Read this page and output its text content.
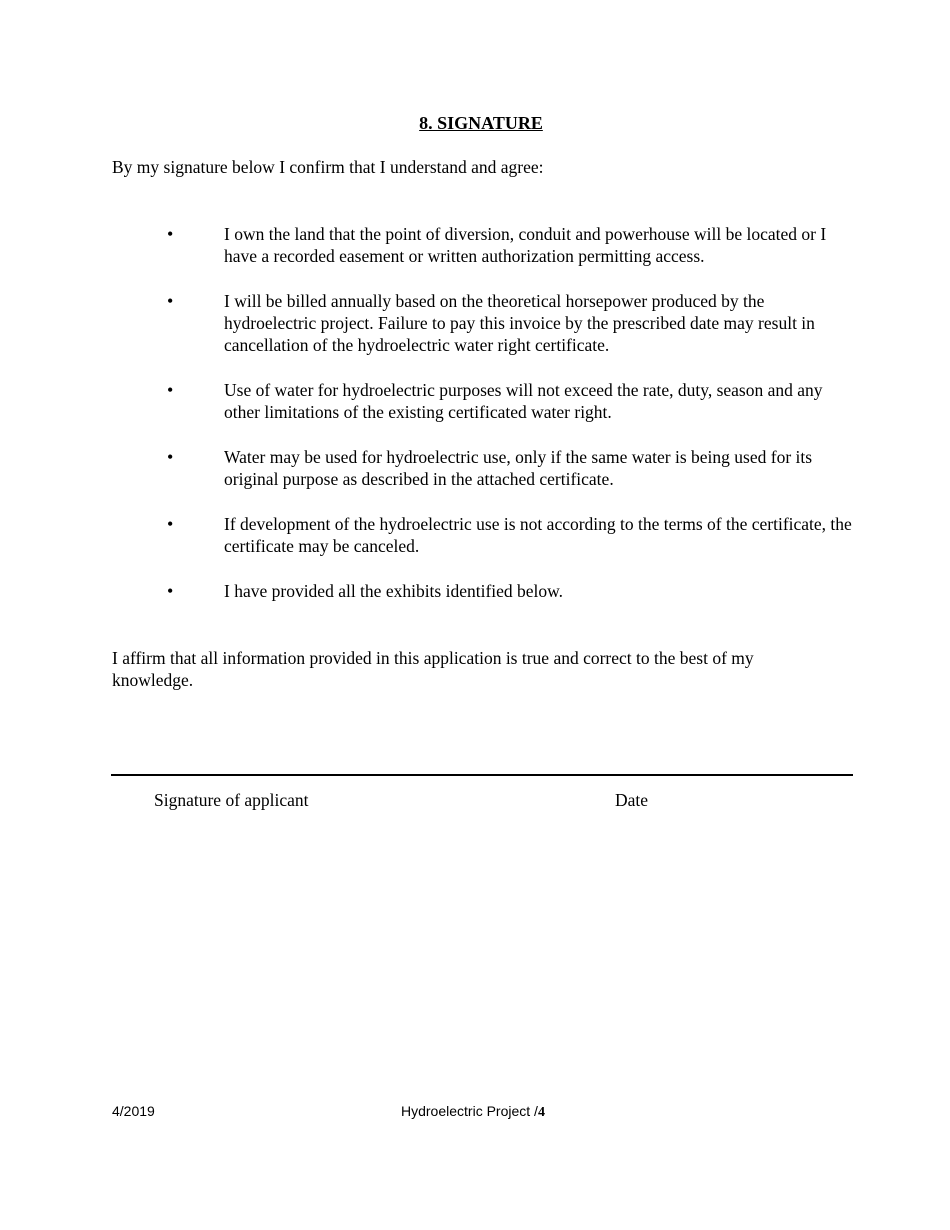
8. SIGNATURE

By my signature below I confirm that I understand and agree:

•	I own the land that the point of diversion, conduit and powerhouse will be located or I have a recorded easement or written authorization permitting access.
•	I will be billed annually based on the theoretical horsepower produced by the hydroelectric project. Failure to pay this invoice by the prescribed date may result in cancellation of the hydroelectric water right certificate.
•	Use of water for hydroelectric purposes will not exceed the rate, duty, season and any other limitations of the existing certificated water right.
•	Water may be used for hydroelectric use, only if the same water is being used for its original purpose as described in the attached certificate.
•	If development of the hydroelectric use is not according to the terms of the certificate, the certificate may be canceled.
•	I have provided all the exhibits identified below.

I affirm that all information provided in this application is true and correct to the best of my knowledge.

Signature of applicant	Date

4/2019	Hydroelectric Project /4
